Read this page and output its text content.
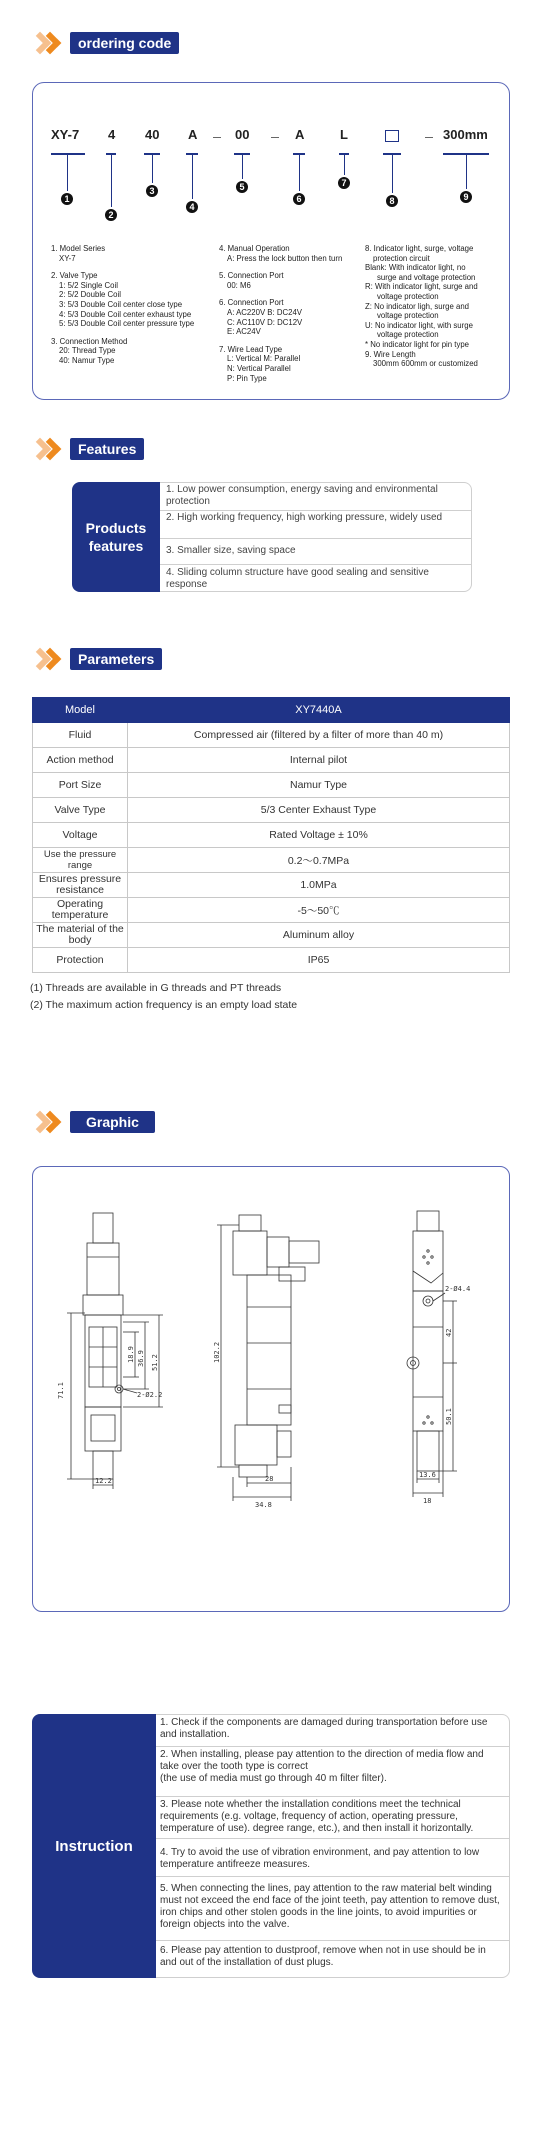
ordering code
XY-7 4 40 A	00	A	L	300mm
1
2
3
4
5
6
7
8	9

1. Model Series

XY-7

2. Valve Type

1: 5/2 Single Coil

2: 5/2 Double Coil

3: 5/3 Double Coil center close type

4: 5/3 Double Coil center exhaust type

5: 5/3 Double Coil center pressure type

3. Connection Method

20: Thread Type

40: Namur Type

4. Manual Operation

A: Press the lock button then turn

5. Connection Port

00: M6

6. Connection Port

A: AC220V B: DC24V

C: AC110V D: DC12V

E: AC24V

7. Wire Lead Type

L: Vertical M: Parallel

N: Vertical Parallel

P: Pin Type

8. Indicator light, surge, voltage

protection circuit

Blank: With indicator light, no

surge and voltage protection

R: With indicator light, surge and

voltage protection

Z: No indicator ligh, surge and

voltage protection

U: No indicator light, with surge

voltage protection

* No indicator light for pin type

9. Wire Length

300mm 600mm or customized

Features
Products
features
1. Low power consumption, energy saving and environmental protection
2. High working frequency, high working pressure, widely used
3. Smaller size, saving space
4. Sliding column structure have good sealing and sensitive response
Parameters
Model	XY7440A
Fluid	Compressed air (filtered by a filter of more than 40 m)
Action method	Internal pilot
Port Size	Namur Type
Valve Type	5/3 Center Exhaust Type
Voltage	Rated Voltage ± 10%
Use the pressure range	0.2～0.7MPa
Ensures pressure resistance	1.0MPa
Operating temperature	-5～50℃
The material of the body	Aluminum alloy
Protection	IP65
(1) Threads are available in G threads and PT threads
(2) The maximum action frequency is an empty load state
Graphic
71.1	2-Ø2.2
12.2
18.9 36.9 51.2	102.2
28
34.8
2-Ø4.4
42
50.1
13.6
18
Instruction
1. Check if the components are damaged during transportation before use and installation.
2. When installing, please pay attention to the direction of media flow and take over the tooth type is correct
(the use of media must go through 40 m filter filter).
3. Please note whether the installation conditions meet the technical requirements (e.g. voltage, frequency of action, operating pressure, temperature of use). degree range, etc.), and then install it horizontally.
4. Try to avoid the use of vibration environment, and pay attention to low temperature antifreeze measures.
5. When connecting the lines, pay attention to the raw material belt winding must not exceed the end face of the joint teeth, pay attention to remove dust, iron chips and other stolen goods in the line joints, to avoid impurities or foreign objects into the valve.
6. Please pay attention to dustproof, remove when not in use should be in and out of the installation of dust plugs.
